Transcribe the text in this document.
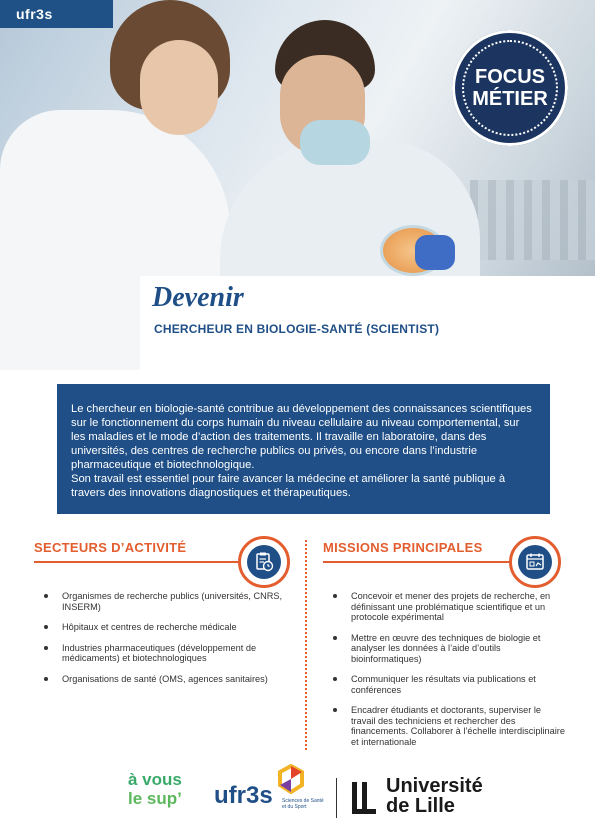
ufr3s
FOCUS
MÉTIER
Devenir
CHERCHEUR EN BIOLOGIE-SANTÉ (SCIENTIST)

Le chercheur en biologie-santé contribue au développement des connaissances scientifiques sur le fonctionnement du corps humain du niveau cellulaire au niveau comportemental, sur les maladies et le mode d’action des traitements. Il travaille en laboratoire, dans des universités, des centres de recherche publics ou privés, ou encore dans l’industrie pharmaceutique et biotechnologique.

Son travail est essentiel pour faire avancer la médecine et améliorer la santé publique à travers des innovations diagnostiques et thérapeutiques.

SECTEURS D’ACTIVITÉ
Organismes de recherche publics (universités, CNRS, INSERM)
Hôpitaux et centres de recherche médicale
Industries pharmaceutiques (développement de médicaments) et biotechnologiques
Organisations de santé (OMS, agences sanitaires)
MISSIONS PRINCIPALES
Concevoir et mener des projets de recherche, en définissant une problématique scientifique et un protocole expérimental
Mettre en œuvre des techniques de biologie et analyser les données à l’aide d’outils bioinformatiques)
Communiquer les résultats via publications et conférences
Encadrer étudiants et doctorants, superviser le travail des techniciens et rechercher des financements. Collaborer à l’échelle interdisciplinaire et internationale
à vous
le sup’ ufr3s Sciences de Santé
et du Sport
Université
de Lille
